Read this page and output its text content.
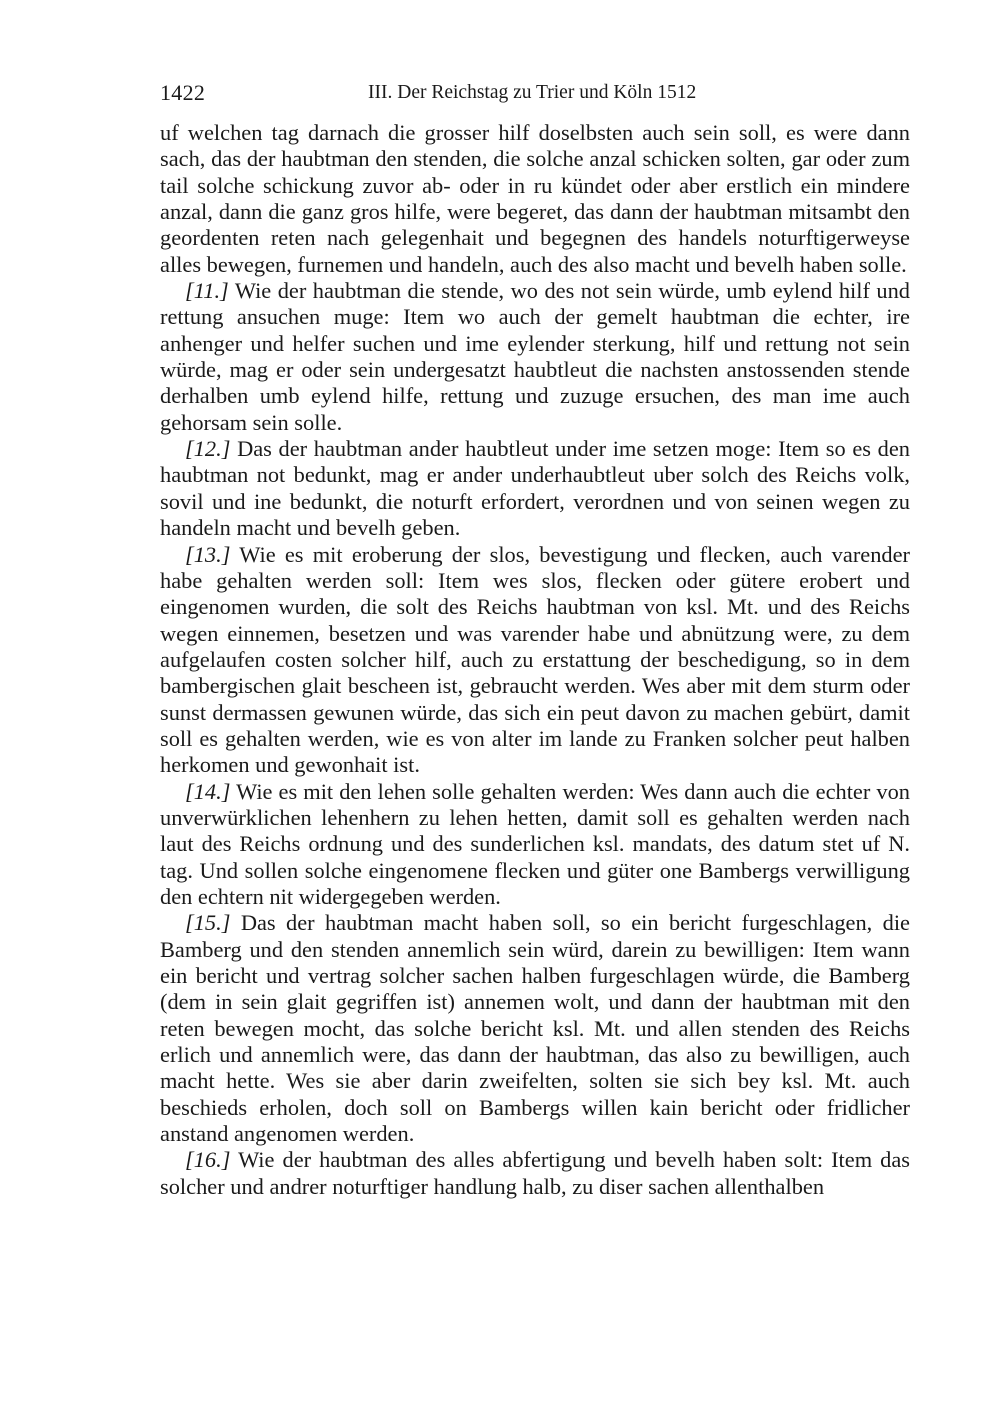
1422	III. Der Reichstag zu Trier und Köln 1512

uf welchen tag darnach die grosser hilf doselbsten auch sein soll, es were dann sach, das der haubtman den stenden, die solche anzal schicken solten, gar oder zum tail solche schickung zuvor ab- oder in ru kündet oder aber erstlich ein mindere anzal, dann die ganz gros hilfe, were begeret, das dann der haubtman mitsambt den geordenten reten nach gelegenhait und begegnen des handels noturftigerweyse alles bewegen, furnemen und handeln, auch des also macht und bevelh haben solle.

[11.] Wie der haubtman die stende, wo des not sein würde, umb eylend hilf und rettung ansuchen muge: Item wo auch der gemelt haubtman die echter, ire anhenger und helfer suchen und ime eylender sterkung, hilf und rettung not sein würde, mag er oder sein undergesatzt haubtleut die nachsten anstossenden stende derhalben umb eylend hilfe, rettung und zuzuge ersuchen, des man ime auch gehorsam sein solle.

[12.] Das der haubtman ander haubtleut under ime setzen moge: Item so es den haubtman not bedunkt, mag er ander underhaubtleut uber solch des Reichs volk, sovil und ine bedunkt, die noturft erfordert, verordnen und von seinen wegen zu handeln macht und bevelh geben.

[13.] Wie es mit eroberung der slos, bevestigung und flecken, auch varender habe gehalten werden soll: Item wes slos, flecken oder gütere erobert und eingenomen wurden, die solt des Reichs haubtman von ksl. Mt. und des Reichs wegen einnemen, besetzen und was varender habe und abnützung were, zu dem aufgelaufen costen solcher hilf, auch zu erstattung der beschedigung, so in dem bambergischen glait bescheen ist, gebraucht werden. Wes aber mit dem sturm oder sunst dermassen gewunen würde, das sich ein peut davon zu machen gebürt, damit soll es gehalten werden, wie es von alter im lande zu Franken solcher peut halben herkomen und gewonhait ist.

[14.] Wie es mit den lehen solle gehalten werden: Wes dann auch die echter von unverwürklichen lehenhern zu lehen hetten, damit soll es gehalten werden nach laut des Reichs ordnung und des sunderlichen ksl. mandats, des datum stet uf N. tag. Und sollen solche eingenomene flecken und güter one Bambergs verwilligung den echtern nit widergegeben werden.

[15.] Das der haubtman macht haben soll, so ein bericht furgeschlagen, die Bamberg und den stenden annemlich sein würd, darein zu bewilligen: Item wann ein bericht und vertrag solcher sachen halben furgeschlagen würde, die Bamberg (dem in sein glait gegriffen ist) annemen wolt, und dann der haubtman mit den reten bewegen mocht, das solche bericht ksl. Mt. und allen stenden des Reichs erlich und annemlich were, das dann der haubtman, das also zu bewilligen, auch macht hette. Wes sie aber darin zweifelten, solten sie sich bey ksl. Mt. auch beschieds erholen, doch soll on Bambergs willen kain bericht oder fridlicher anstand angenomen werden.

[16.] Wie der haubtman des alles abfertigung und bevelh haben solt: Item das solcher und andrer noturftiger handlung halb, zu diser sachen allenthalben
